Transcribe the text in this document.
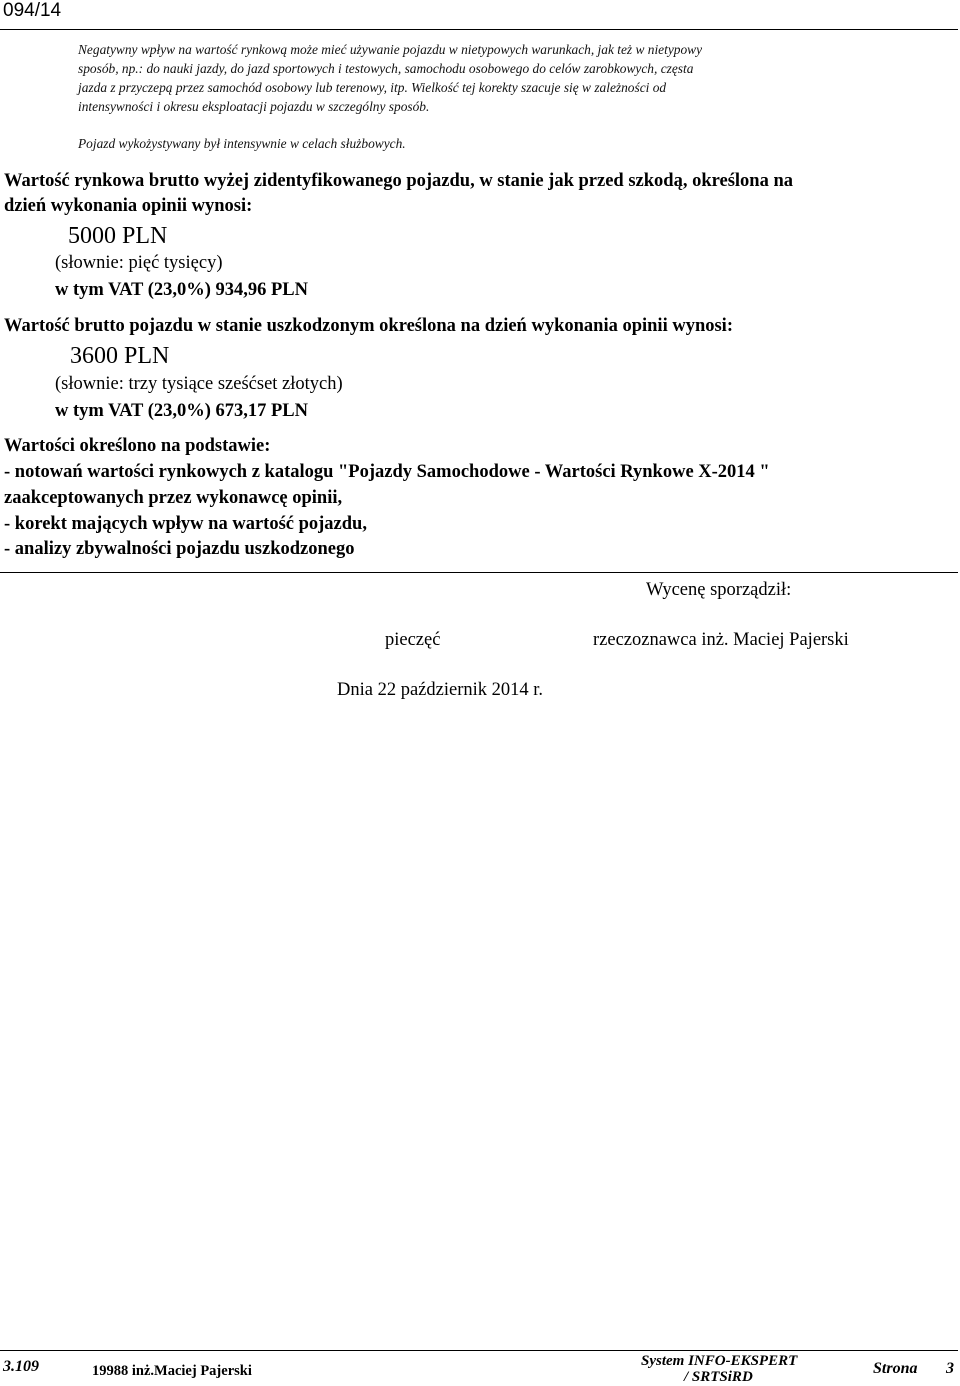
094/14
Negatywny wpływ na wartość rynkową może mieć używanie pojazdu w nietypowych warunkach, jak też w nietypowy
sposób, np.: do nauki jazdy, do jazd sportowych i testowych, samochodu osobowego do celów zarobkowych, częsta
jazda z przyczepą przez samochód osobowy lub terenowy, itp. Wielkość tej korekty szacuje się w zależności od
intensywności i okresu eksploatacji pojazdu w szczególny sposób.
Pojazd wykożystywany był intensywnie w celach służbowych.
Wartość rynkowa brutto wyżej zidentyfikowanego pojazdu, w stanie jak przed szkodą, określona na
dzień wykonania opinii wynosi:
5000 PLN
(słownie: pięć tysięcy)
w tym VAT (23,0%) 934,96 PLN
Wartość brutto pojazdu w stanie uszkodzonym określona na dzień wykonania opinii wynosi:
3600 PLN
(słownie: trzy tysiące sześćset złotych)
w tym VAT (23,0%) 673,17 PLN
Wartości określono na podstawie:
- notowań wartości rynkowych z katalogu "Pojazdy Samochodowe - Wartości Rynkowe X-2014 "
zaakceptowanych przez wykonawcę opinii,
- korekt mających wpływ na wartość pojazdu,
- analizy zbywalności pojazdu uszkodzonego
Wycenę sporządził:
pieczęć	rzeczoznawca inż. Maciej Pajerski
Dnia 22 październik 2014 r.
3.109	19988 inż.Maciej Pajerski
System INFO-EKSPERT
/ SRTSiRD	Strona 3
